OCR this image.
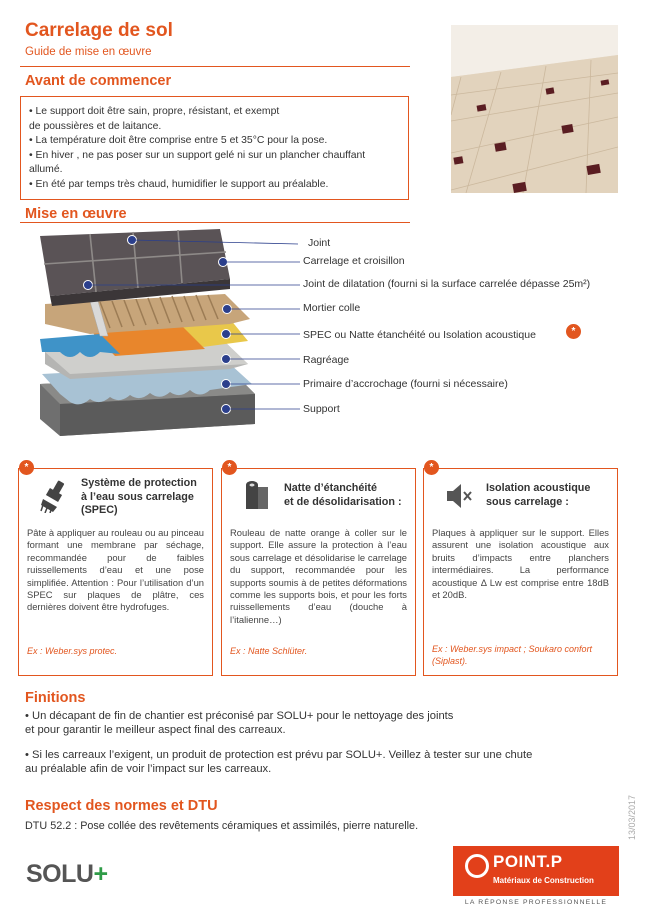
Carrelage de sol
Guide de mise en œuvre
Avant de commencer

• Le support doit être sain, propre, résistant, et exempt

de poussières et de laitance.

• La température doit être comprise entre 5 et 35°C pour la pose.

• En hiver , ne pas poser sur un support gelé ni sur un plancher chauffant

allumé.

• En été par temps très chaud, humidifier le support au préalable.

Mise en œuvre
Joint
Carrelage et croisillon
Joint de dilatation (fourni si la surface carrelée dépasse 25m²)
Mortier colle
SPEC ou Natte étanchéité ou Isolation acoustique	*
Ragréage
Primaire d’accrochage (fourni si nécessaire)
Support
*
Système de protection
à l’eau sous carrelage
(SPEC)
Pâte à appliquer au rouleau ou au pinceau formant une membrane par séchage, recommandée pour de faibles ruissellements d’eau et une pose simplifiée. Attention : Pour l’utilisation d’un SPEC sur plaques de plâtre, ces dernières doivent être hydrofuges.
Ex : Weber.sys protec.
*
Natte d’étanchéité
et de désolidarisation :
Rouleau de natte orange à coller sur le support. Elle assure la protection à l’eau sous carrelage et désolidarise le carrelage du support, recommandée pour les supports soumis à de petites déformations comme les supports bois, et pour les forts ruissellements d’eau (douche à l’italienne…)
Ex : Natte Schlüter.
*
Isolation acoustique
sous carrelage :
Plaques à appliquer sur le support. Elles assurent une isolation acoustique aux bruits d’impacts entre planchers intermédiaires. La performance acoustique Δ Lw est comprise entre 18dB et 20dB.
Ex : Weber.sys impact ; Soukaro confort (Siplast).
Finitions

• Un décapant de fin de chantier est préconisé par SOLU+ pour le nettoyage des joints

et pour garantir le meilleur aspect final des carreaux.

• Si les carreaux l’exigent, un produit de protection est prévu par SOLU+. Veillez à tester sur une chute

au préalable afin de voir l’impact sur les carreaux.

Respect des normes et DTU
DTU 52.2 : Pose collée des revêtements céramiques et assimilés, pierre naturelle.	13/03/2017
SOLU+	POINT.P
Matériaux de Construction
LA RÉPONSE PROFESSIONNELLE
